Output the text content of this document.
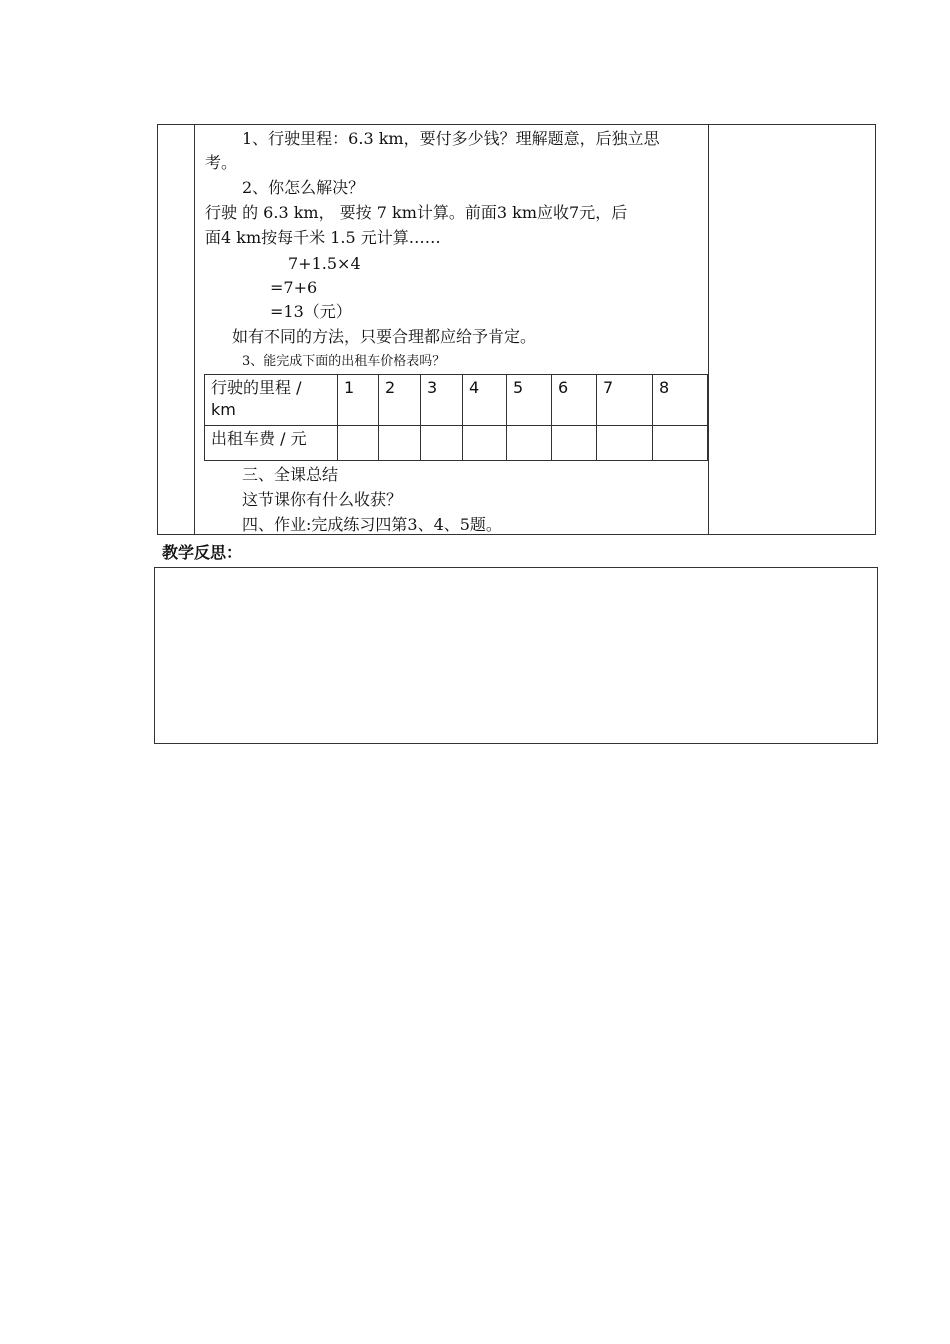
1、行驶里程：6.3 km，要付多少钱？理解题意，后独立思
考。
2、你怎么解决？
行驶 的 6.3 km， 要按 7 km计算。前面3 km应收7元，后
面4 km按每千米 1.5 元计算……
7+1.5×4
=7+6
=13（元）
如有不同的方法，只要合理都应给予肯定。
3、能完成下面的出租车价格表吗？
行驶的里程 / km	1	2	3	4	5	6	7	8
出租车费 / 元								
三、全课总结
这节课你有什么收获？
四、作业:完成练习四第3、4、5题。
教学反思：
